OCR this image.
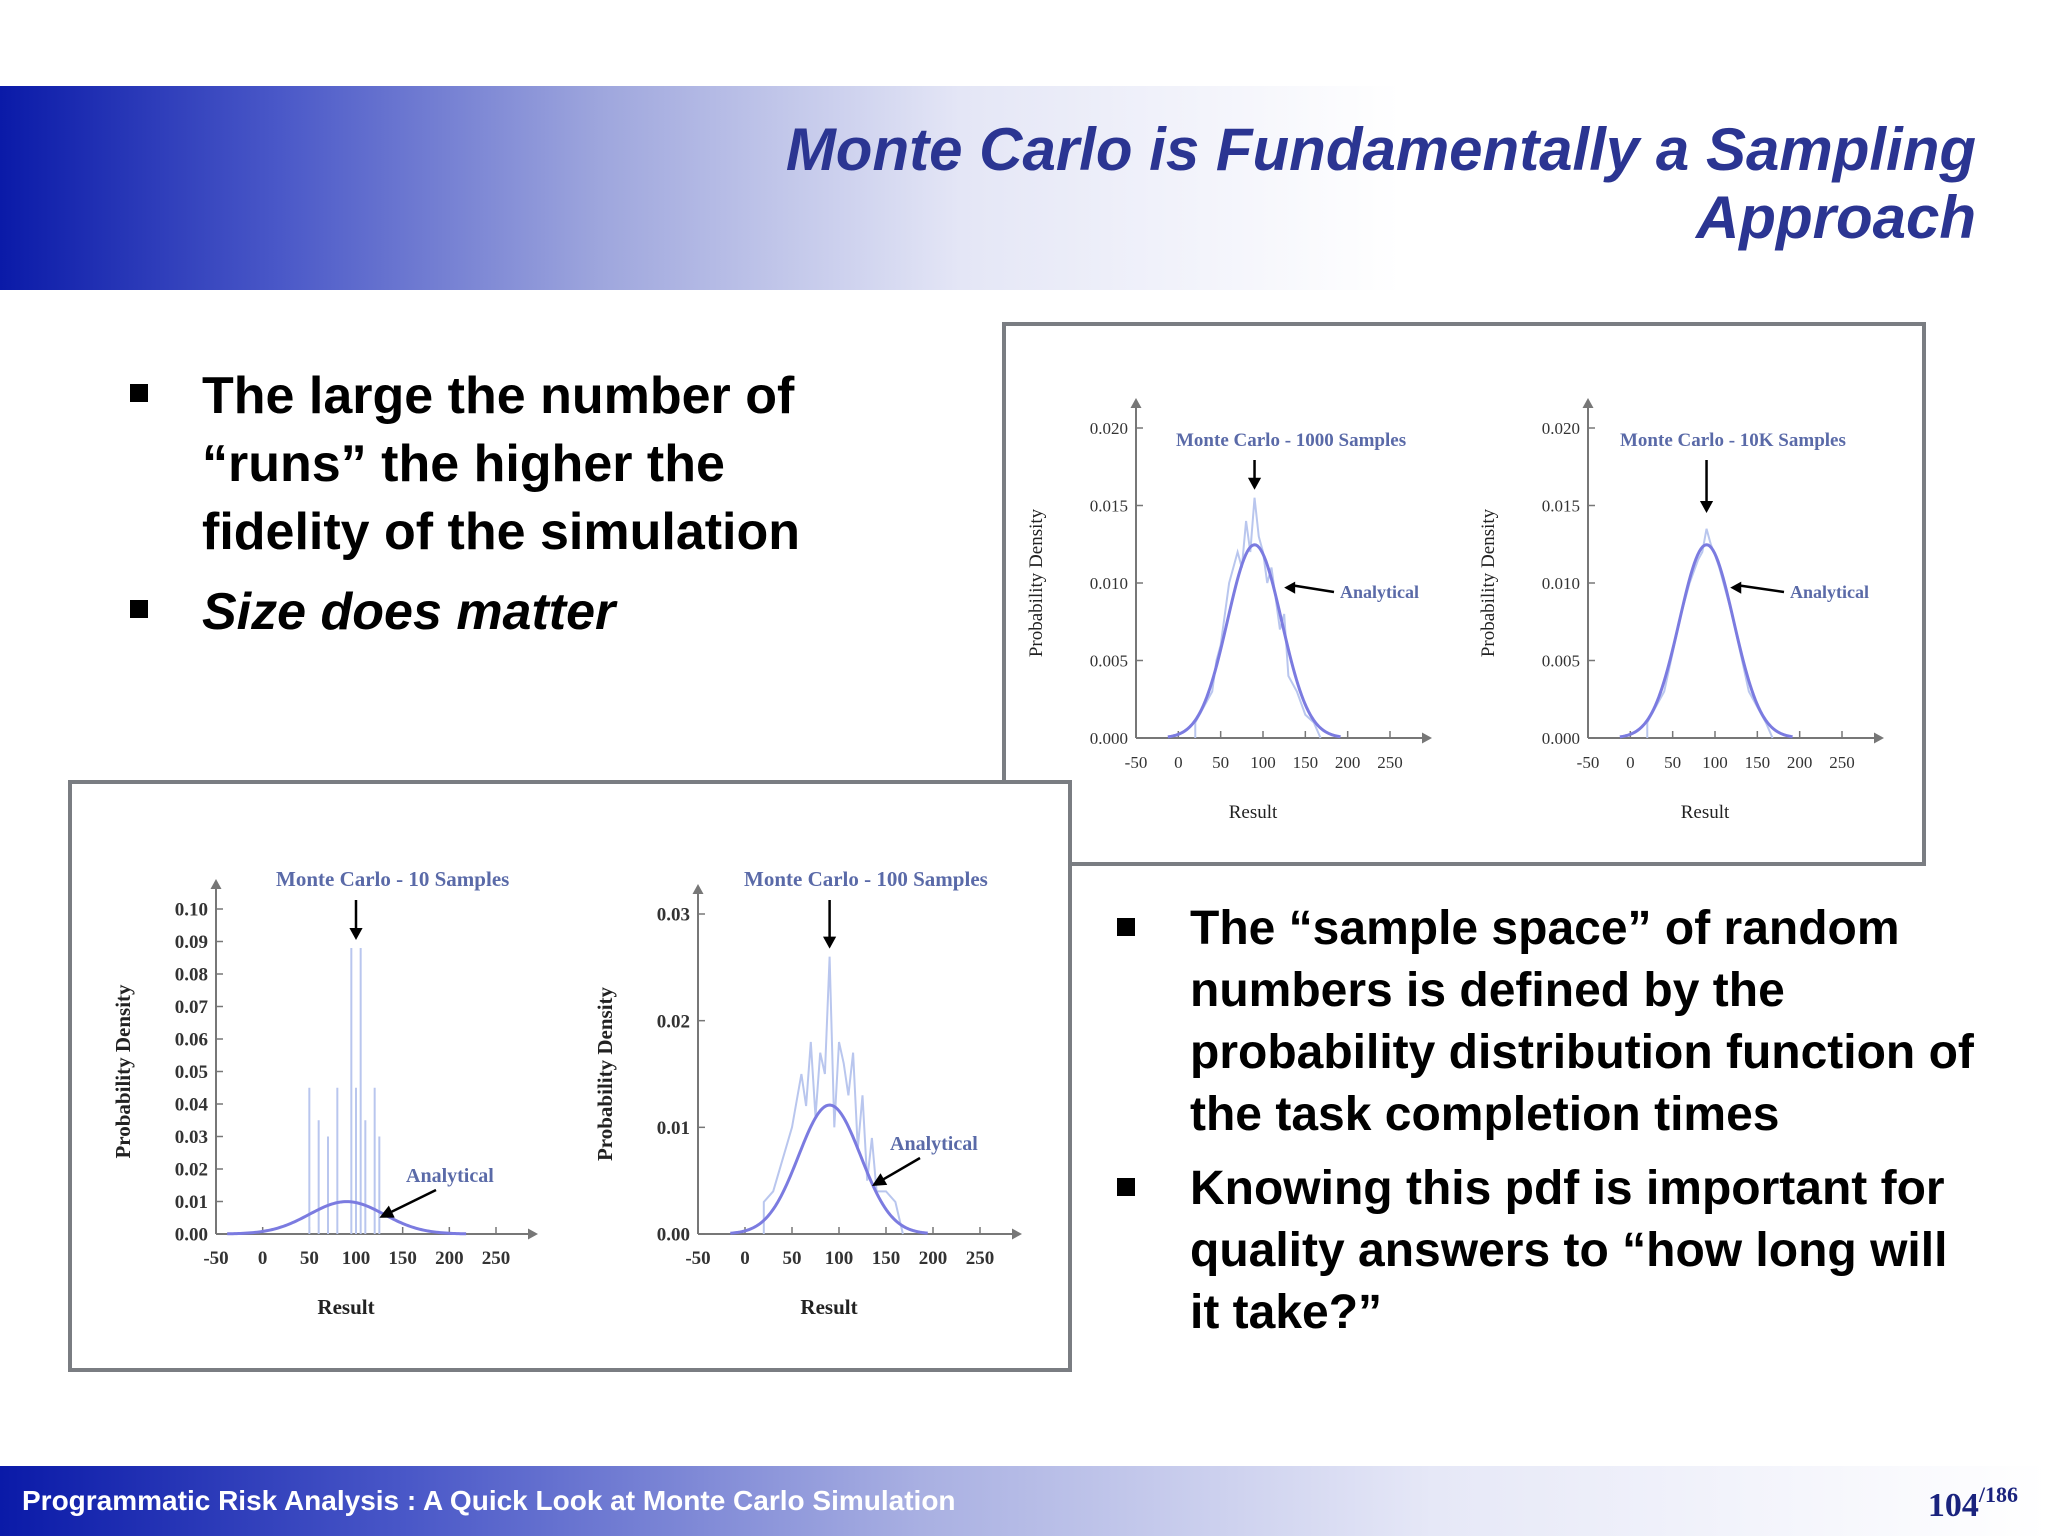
Monte Carlo is Fundamentally a Sampling Approach
The large the number of “runs” the higher the fidelity of the simulation
Size does matter
0.000
0.005
0.010
0.015
0.020
-50 0 50 100 150 200 250
Result
Probability Density
Monte Carlo - 1000 Samples
Analytical
0.000
0.005
0.010
0.015
0.020
-50 0 50 100 150 200 250
Result
Probability Density
Monte Carlo - 10K Samples
Analytical
0.00
0.01
0.02
0.03
0.04
0.05
0.06
0.07
0.08
0.09
0.10
-50 0 50 100 150 200 250
Result
Probability Density
Monte Carlo - 10 Samples
Analytical
0.00
0.01
0.02
0.03
-50 0 50 100 150 200 250
Result
Probability Density
Monte Carlo - 100 Samples
Analytical
The “sample space” of random numbers is defined by the probability distribution function of the task completion times
Knowing this pdf is important for quality answers to “how long will it take?”
Programmatic Risk Analysis : A Quick Look at Monte Carlo Simulation	104/186
